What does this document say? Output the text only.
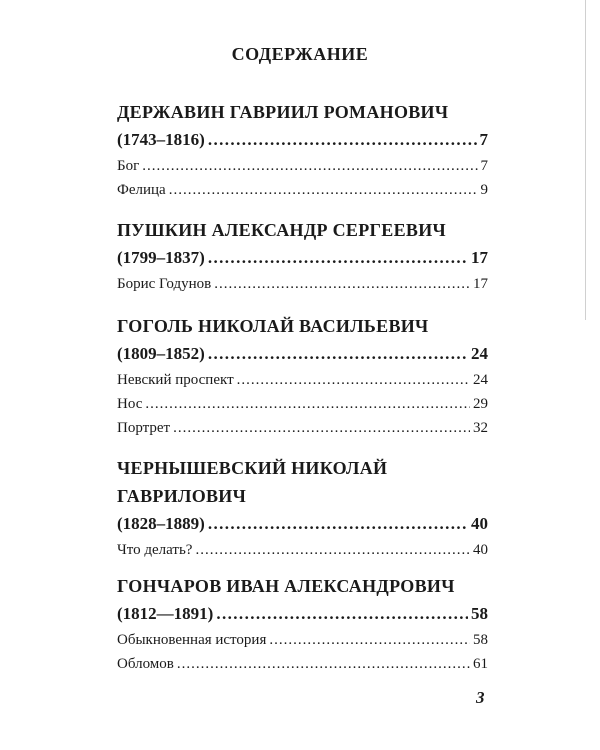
СОДЕРЖАНИЕ
ДЕРЖАВИН ГАВРИИЛ РОМАНОВИЧ
(1743–1816) .....	7
Бог .....	7
Фелица .....	9
ПУШКИН АЛЕКСАНДР СЕРГЕЕВИЧ
(1799–1837) .....	17
Борис Годунов .....	17
ГОГОЛЬ НИКОЛАЙ ВАСИЛЬЕВИЧ
(1809–1852) .....	24
Невский проспект .....	24
Нос .....	29
Портрет .....	32
ЧЕРНЫШЕВСКИЙ НИКОЛАЙ
ГАВРИЛОВИЧ
(1828–1889) .....	40
Что делать? .....	40
ГОНЧАРОВ ИВАН АЛЕКСАНДРОВИЧ
(1812—1891) .....	58
Обыкновенная история .....	58
Обломов .....	61
3
